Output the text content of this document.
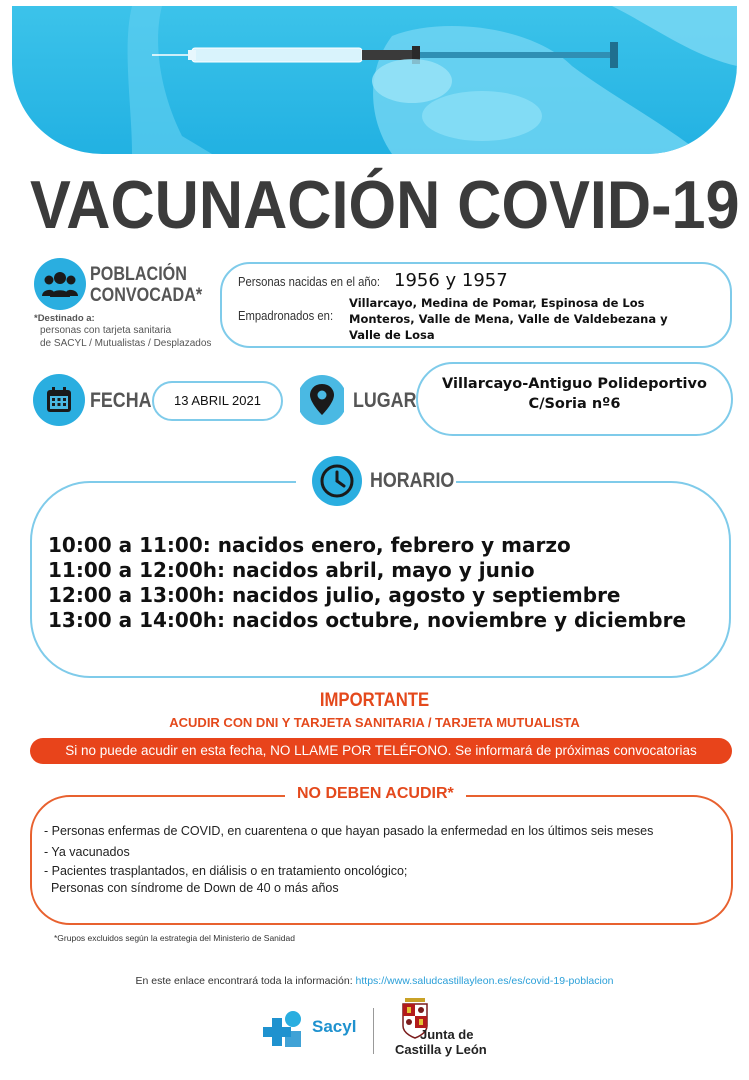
VACUNACIÓN COVID-19
POBLACIÓN
CONVOCADA*
*Destinado a:
personas con tarjeta sanitaria
de SACYL / Mutualistas / Desplazados
Personas nacidas en el año: 1956 y 1957
Empadronados en:
Villarcayo, Medina de Pomar, Espinosa de Los
Monteros, Valle de Mena, Valle de Valdebezana y
Valle de Losa
FECHA	13 ABRIL 2021	LUGAR
Villarcayo-Antiguo Polideportivo
C/Soria nº6
HORARIO
10:00 a 11:00: nacidos enero, febrero y marzo
11:00 a 12:00h: nacidos abril, mayo y junio
12:00 a 13:00h: nacidos julio, agosto y septiembre
13:00 a 14:00h: nacidos octubre, noviembre y diciembre
IMPORTANTE
ACUDIR CON DNI Y TARJETA SANITARIA / TARJETA MUTUALISTA
Si no puede acudir en esta fecha, NO LLAME POR TELÉFONO. Se informará de próximas convocatorias
NO DEBEN ACUDIR*
- Personas enfermas de COVID, en cuarentena o que hayan pasado la enfermedad en los últimos seis meses
- Ya vacunados
- Pacientes trasplantados, en diálisis o en tratamiento oncológico;
Personas con síndrome de Down de 40 o más años
*Grupos excluidos según la estrategia del Ministerio de Sanidad
En este enlace encontrará toda la información: https://www.saludcastillayleon.es/es/covid-19-poblacion
Sacyl	Junta de
Castilla y León
